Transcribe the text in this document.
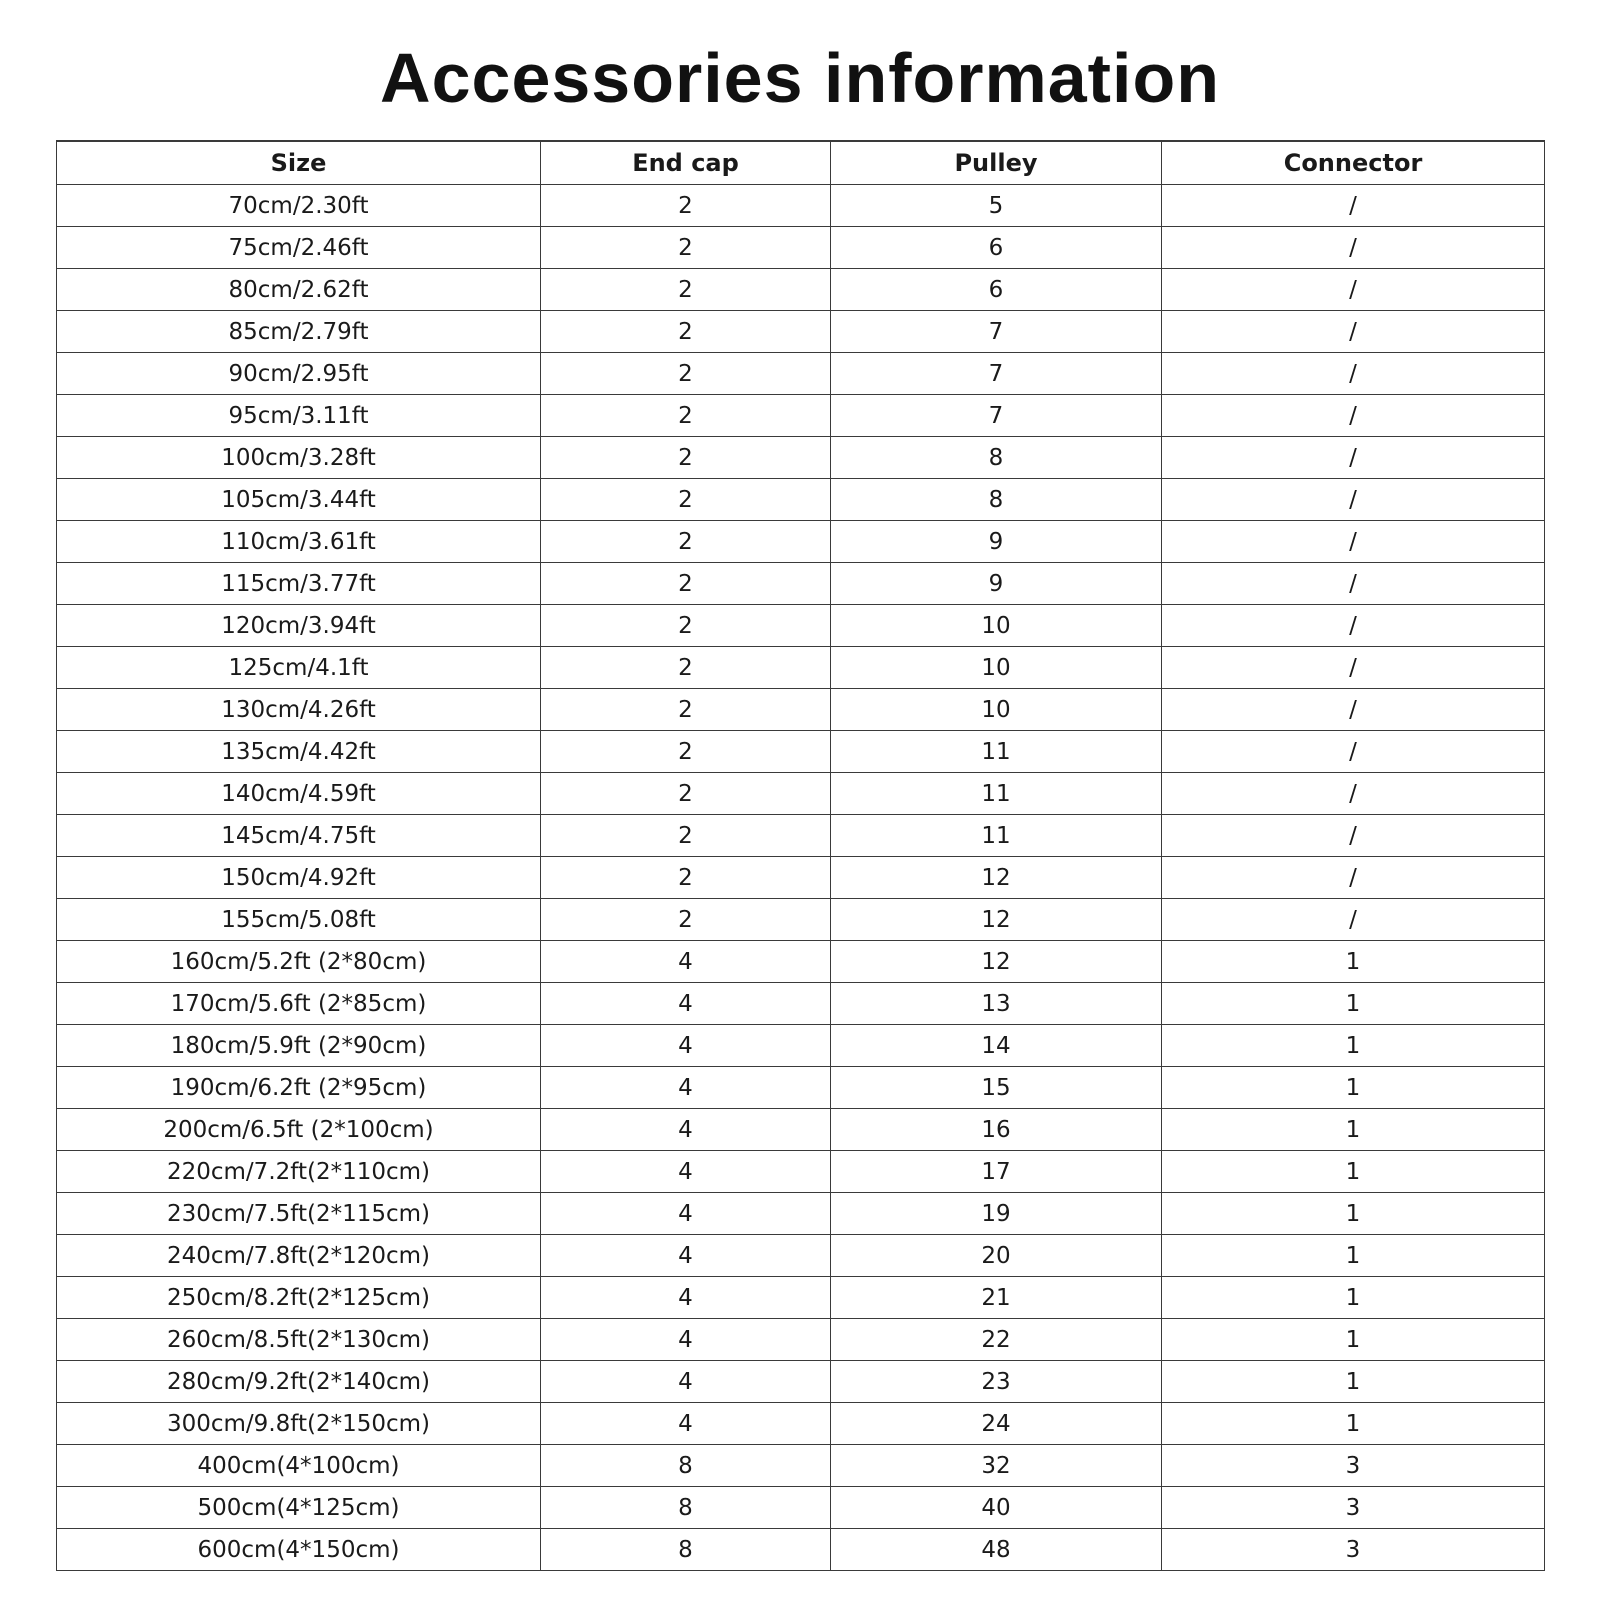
Accessories information
Size	End cap	Pulley	Connector
70cm/2.30ft	2	5	/
75cm/2.46ft	2	6	/
80cm/2.62ft	2	6	/
85cm/2.79ft	2	7	/
90cm/2.95ft	2	7	/
95cm/3.11ft	2	7	/
100cm/3.28ft	2	8	/
105cm/3.44ft	2	8	/
110cm/3.61ft	2	9	/
115cm/3.77ft	2	9	/
120cm/3.94ft	2	10	/
125cm/4.1ft	2	10	/
130cm/4.26ft	2	10	/
135cm/4.42ft	2	11	/
140cm/4.59ft	2	11	/
145cm/4.75ft	2	11	/
150cm/4.92ft	2	12	/
155cm/5.08ft	2	12	/
160cm/5.2ft (2*80cm)	4	12	1
170cm/5.6ft (2*85cm)	4	13	1
180cm/5.9ft (2*90cm)	4	14	1
190cm/6.2ft (2*95cm)	4	15	1
200cm/6.5ft (2*100cm)	4	16	1
220cm/7.2ft(2*110cm)	4	17	1
230cm/7.5ft(2*115cm)	4	19	1
240cm/7.8ft(2*120cm)	4	20	1
250cm/8.2ft(2*125cm)	4	21	1
260cm/8.5ft(2*130cm)	4	22	1
280cm/9.2ft(2*140cm)	4	23	1
300cm/9.8ft(2*150cm)	4	24	1
400cm(4*100cm)	8	32	3
500cm(4*125cm)	8	40	3
600cm(4*150cm)	8	48	3
